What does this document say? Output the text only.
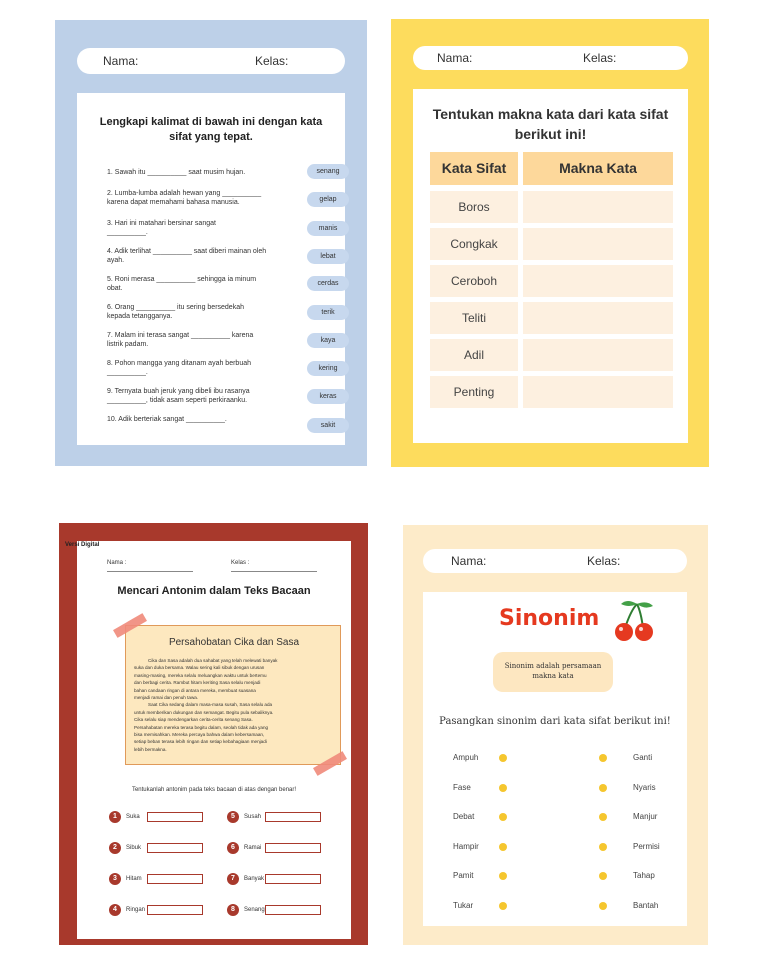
Nama:	Kelas:
Lengkapi kalimat di bawah ini dengan kata
sifat yang tepat.
1. Sawah itu __________ saat musim hujan.
2. Lumba-lumba adalah hewan yang __________
karena dapat memahami bahasa manusia.
3. Hari ini matahari bersinar sangat
__________.
4. Adik terlihat __________ saat diberi mainan oleh
ayah.
5. Roni merasa __________ sehingga ia minum
obat.
6. Orang __________ itu sering bersedekah
kepada tetangganya.
7. Malam ini terasa sangat __________ karena
listrik padam.
8. Pohon mangga yang ditanam ayah berbuah
__________.
9. Ternyata buah jeruk yang dibeli ibu rasanya
__________, tidak asam seperti perkiraanku.
10. Adik berteriak sangat __________.
senang
gelap
manis
lebat
cerdas
terik
kaya
kering
keras
sakit
Nama:	Kelas:
Tentukan makna kata dari kata sifat
berikut ini!
Kata Sifat	Makna Kata
Boros
Congkak
Ceroboh
Teliti
Adil
Penting
Versi Digital
Nama :	Kelas :
Mencari Antonim dalam Teks Bacaan
Persahobatan Cika dan Sasa
Cika dan Sasa adalah dua sahabat yang telah melewati banyak
suka dan duka bersama. Walau sering kali sibuk dengan urusan
masing-masing, mereka selalu meluangkan waktu untuk bertemu
dan berbagi cerita. Rambut hitam keriting Sasa selalu menjadi
bahan candaan ringan di antara mereka, membuat suasana
menjadi ramai dan penuh tawa.
Saat Cika sedang dalam masa-masa susah, Sasa selalu ada
untuk memberikan dukungan dan semangat. Begitu pula sebaliknya.
Cika selalu siap mendengarkan cerita-cerita senang Sasa.
Persahabatan mereka terasa begitu dalam, seolah tidak ada yang
bisa memisahkan. Mereka percaya bahwa dalam kebersamaan,
setiap beban terasa lebih ringan dan setiap kebahagiaan menjadi
lebih bermakna.
Tentukanlah antonim pada teks bacaan di atas dengan benar!
1	Suka	5	Susah
2	Sibuk	6	Ramai
3	Hitam	7	Banyak
4	Ringan	8	Senang
Nama:	Kelas:
Sinonim
Sinonim adalah persamaan
makna kata
Pasangkan sinonim dari kata sifat berikut ini!
Ampuh	Ganti
Fase	Nyaris
Debat	Manjur
Hampir	Permisi
Pamit	Tahap
Tukar	Bantah
